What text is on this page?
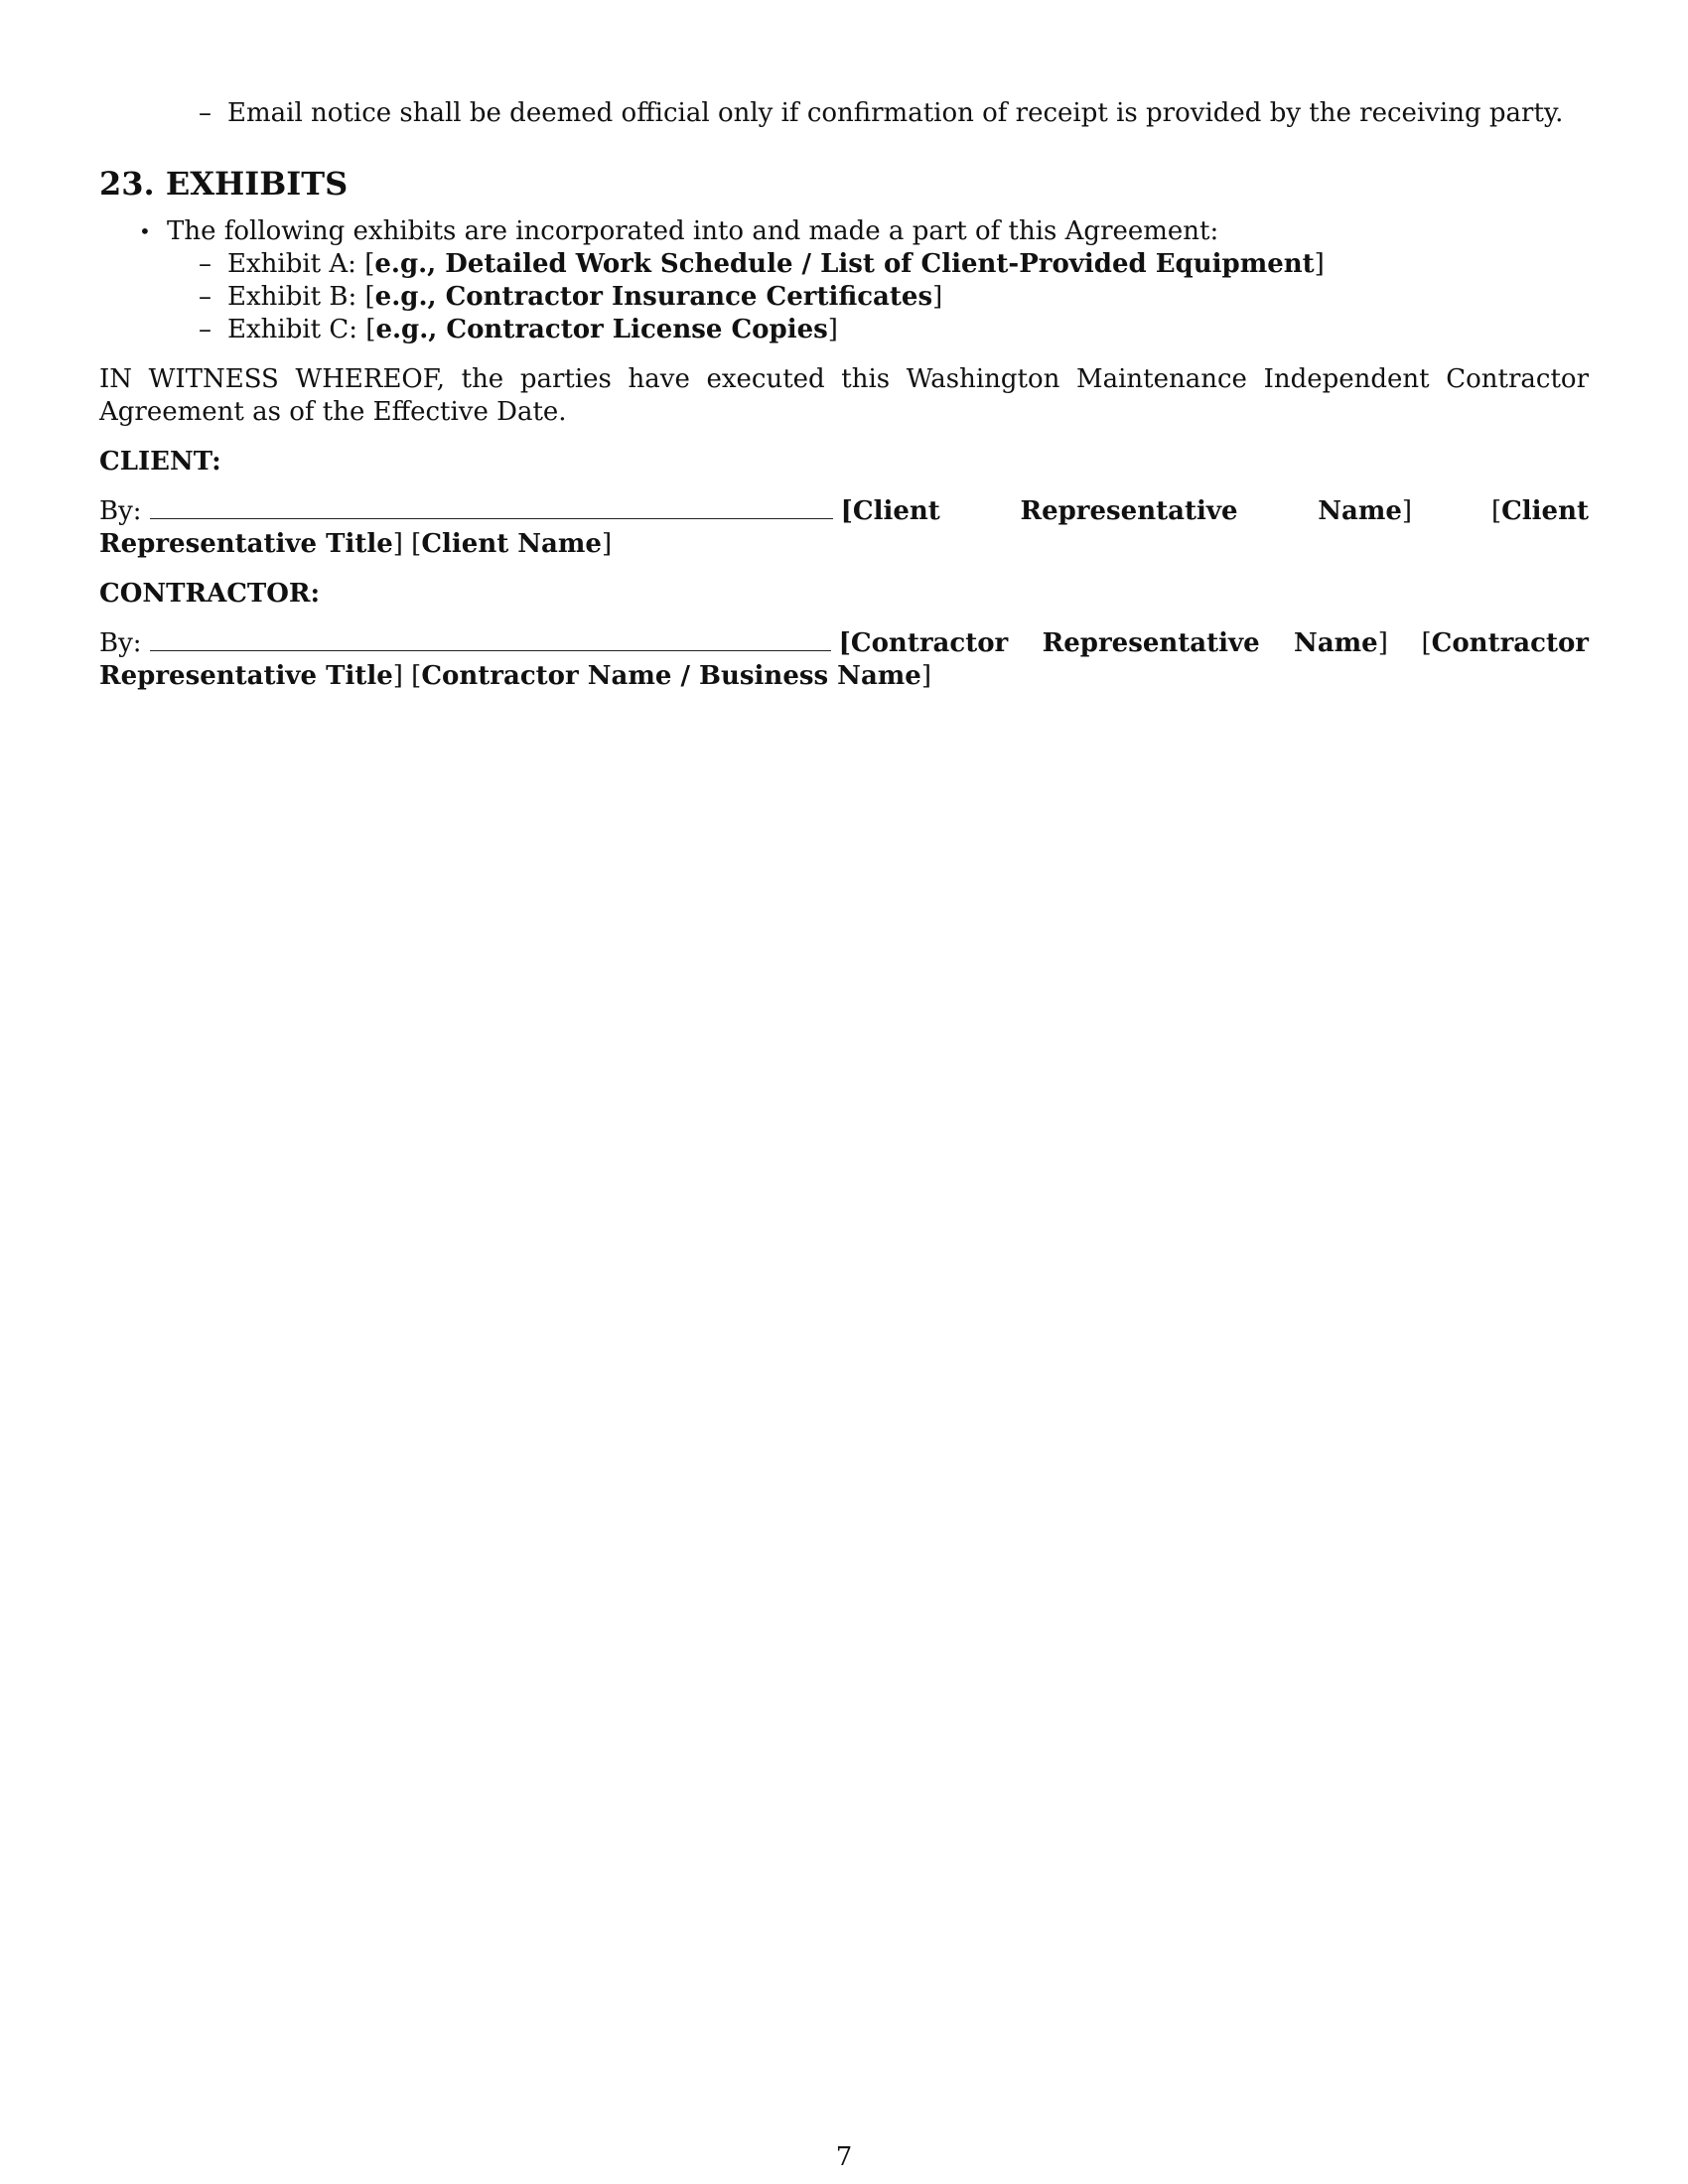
– Email notice shall be deemed official only if confirmation of receipt is provided by the receiving party.
23. EXHIBITS
• The following exhibits are incorporated into and made a part of this Agreement:
– Exhibit A: [e.g., Detailed Work Schedule / List of Client-Provided Equipment]
– Exhibit B: [e.g., Contractor Insurance Certificates]
– Exhibit C: [e.g., Contractor License Copies]
IN WITNESS WHEREOF, the parties have executed this Washington Maintenance Independent Contractor Agreement as of the Effective Date.
CLIENT:
By:	[Client Representative Name]	[Client Representative Title] [Client Name]
CONTRACTOR:
By:	[Contractor Representative Name] [Contractor Representative Title] [Contractor Name / Business Name]
7
